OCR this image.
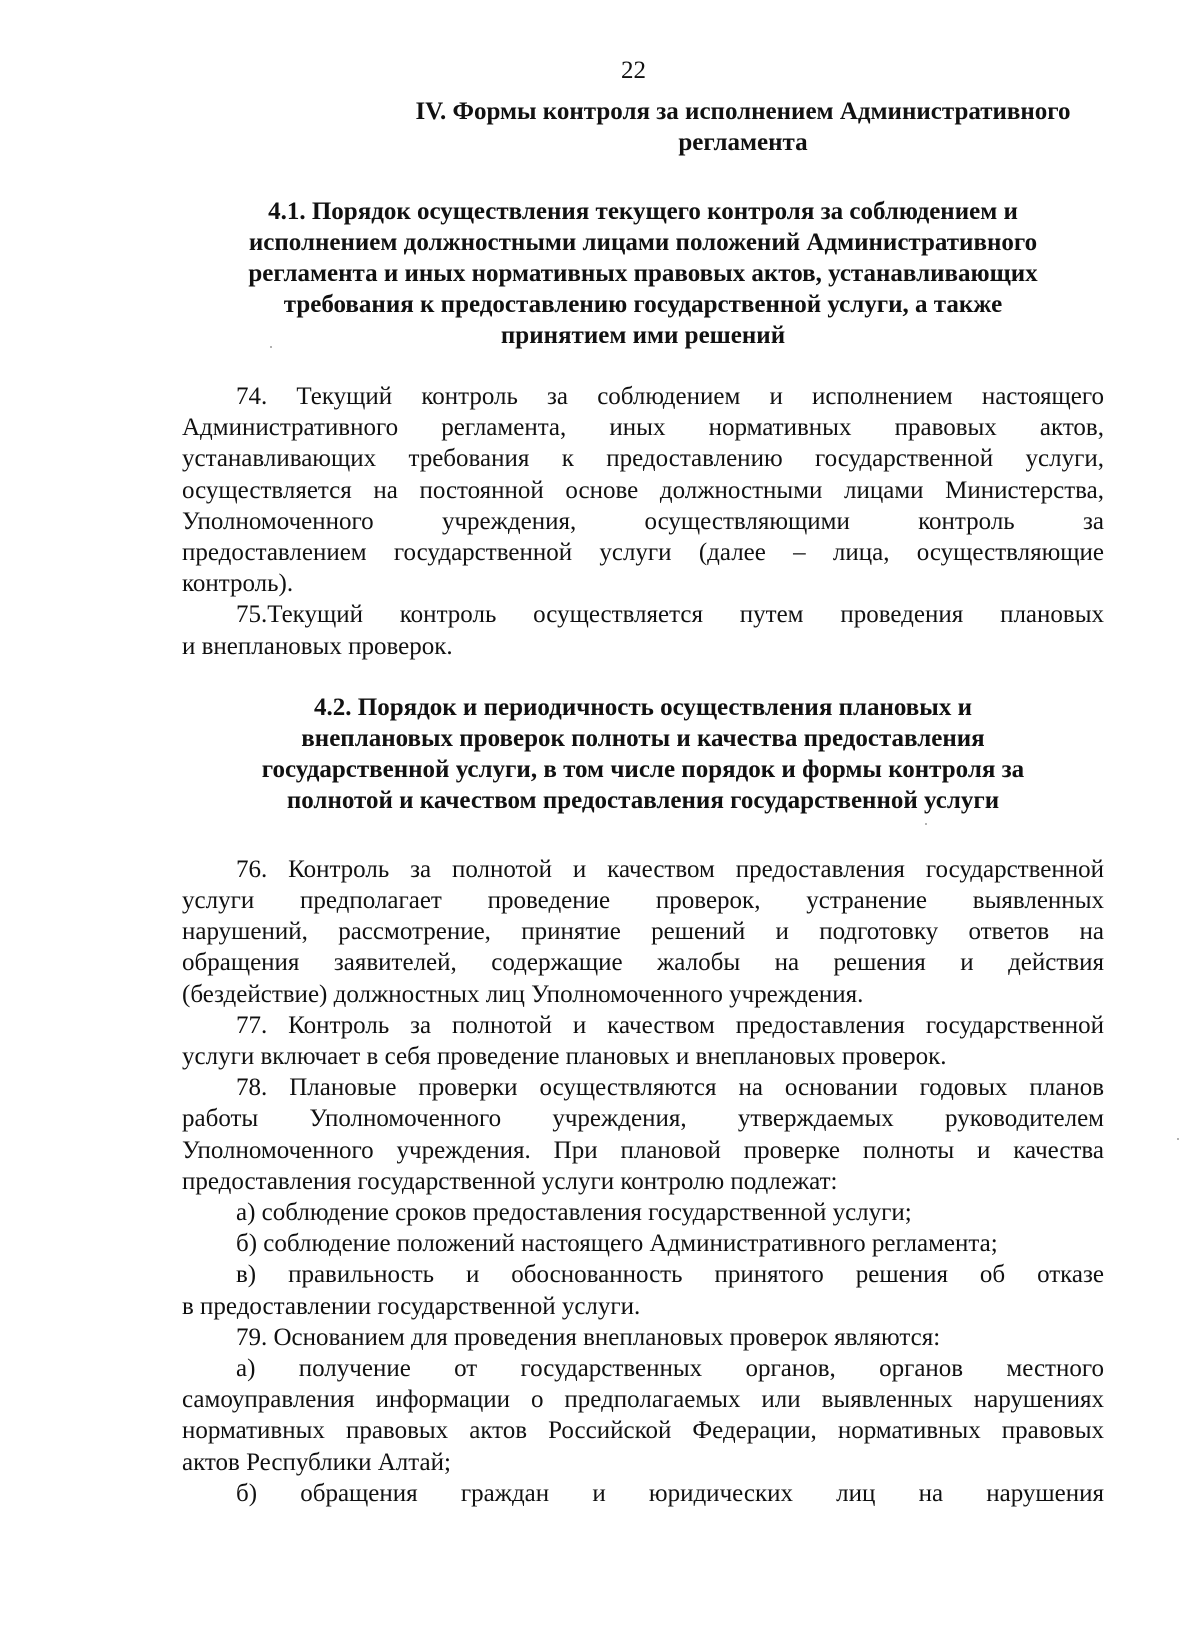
22
IV. Формы контроля за исполнением Административного
регламента
4.1. Порядок осуществления текущего контроля за соблюдением и
исполнением должностными лицами положений Административного
регламента и иных нормативных правовых актов, устанавливающих
требования к предоставлению государственной услуги, а также
принятием ими решений
74. Текущий контроль за соблюдением и исполнением настоящего
Административного регламента, иных нормативных правовых актов,
устанавливающих требования к предоставлению государственной услуги,
осуществляется на постоянной основе должностными лицами Министерства,
Уполномоченного учреждения, осуществляющими контроль за
предоставлением государственной услуги (далее – лица, осуществляющие
контроль).
75.Текущий контроль осуществляется путем проведения плановых
и внеплановых проверок.
4.2. Порядок и периодичность осуществления плановых и
внеплановых проверок полноты и качества предоставления
государственной услуги, в том числе порядок и формы контроля за
полнотой и качеством предоставления государственной услуги
76. Контроль за полнотой и качеством предоставления государственной
услуги предполагает проведение проверок, устранение выявленных
нарушений, рассмотрение, принятие решений и подготовку ответов на
обращения заявителей, содержащие жалобы на решения и действия
(бездействие) должностных лиц Уполномоченного учреждения.
77. Контроль за полнотой и качеством предоставления государственной
услуги включает в себя проведение плановых и внеплановых проверок.
78. Плановые проверки осуществляются на основании годовых планов
работы Уполномоченного учреждения, утверждаемых руководителем
Уполномоченного учреждения. При плановой проверке полноты и качества
предоставления государственной услуги контролю подлежат:
а) соблюдение сроков предоставления государственной услуги;
б) соблюдение положений настоящего Административного регламента;
в) правильность и обоснованность принятого решения об отказе
в предоставлении государственной услуги.
79. Основанием для проведения внеплановых проверок являются:
а) получение от государственных органов, органов местного
самоуправления информации о предполагаемых или выявленных нарушениях
нормативных правовых актов Российской Федерации, нормативных правовых
актов Республики Алтай;
б) обращения граждан и юридических лиц на нарушения
